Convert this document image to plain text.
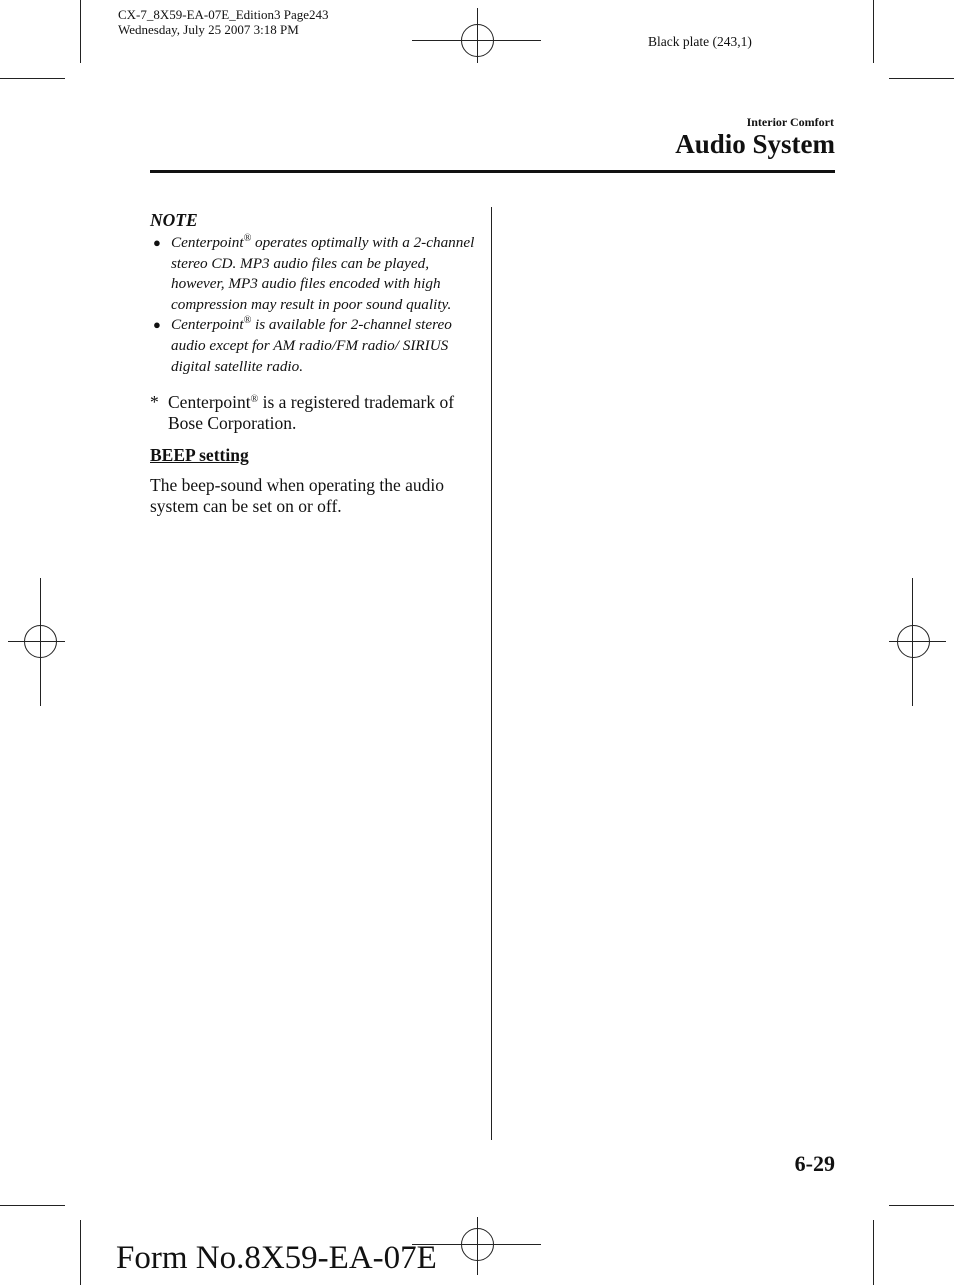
CX-7_8X59-EA-07E_Edition3 Page243
Wednesday, July 25 2007 3:18 PM
Black plate (243,1)
Interior Comfort
Audio System
NOTE
● Centerpoint® operates optimally with a 2-channel stereo CD. MP3 audio files can be played, however, MP3 audio files encoded with high compression may result in poor sound quality.
● Centerpoint® is available for 2-channel stereo audio except for AM radio/FM radio/ SIRIUS digital satellite radio.
* Centerpoint® is a registered trademark of Bose Corporation.
BEEP setting
The beep-sound when operating the audio system can be set on or off.
6-29
Form No.8X59-EA-07E
